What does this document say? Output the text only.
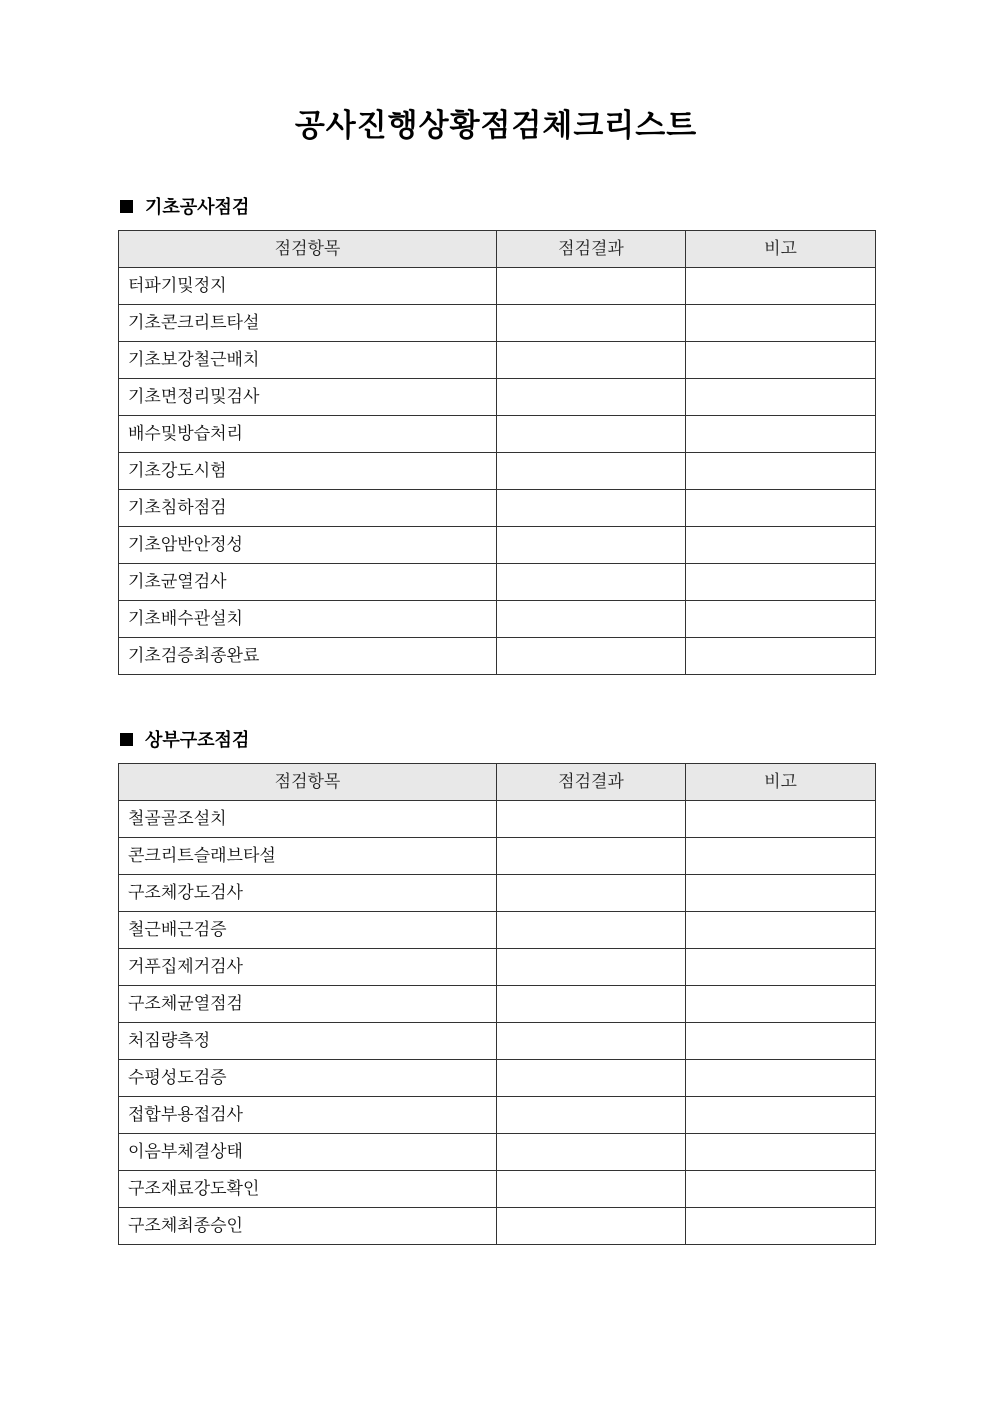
공사진행상황점검체크리스트
기초공사점검
점검항목	점검결과	비고
터파기및정지		
기초콘크리트타설		
기초보강철근배치		
기초면정리및검사		
배수및방습처리		
기초강도시험		
기초침하점검		
기초암반안정성		
기초균열검사		
기초배수관설치		
기초검증최종완료		
상부구조점검
점검항목	점검결과	비고
철골골조설치		
콘크리트슬래브타설		
구조체강도검사		
철근배근검증		
거푸집제거검사		
구조체균열점검		
처짐량측정		
수평성도검증		
접합부용접검사		
이음부체결상태		
구조재료강도확인		
구조체최종승인		
